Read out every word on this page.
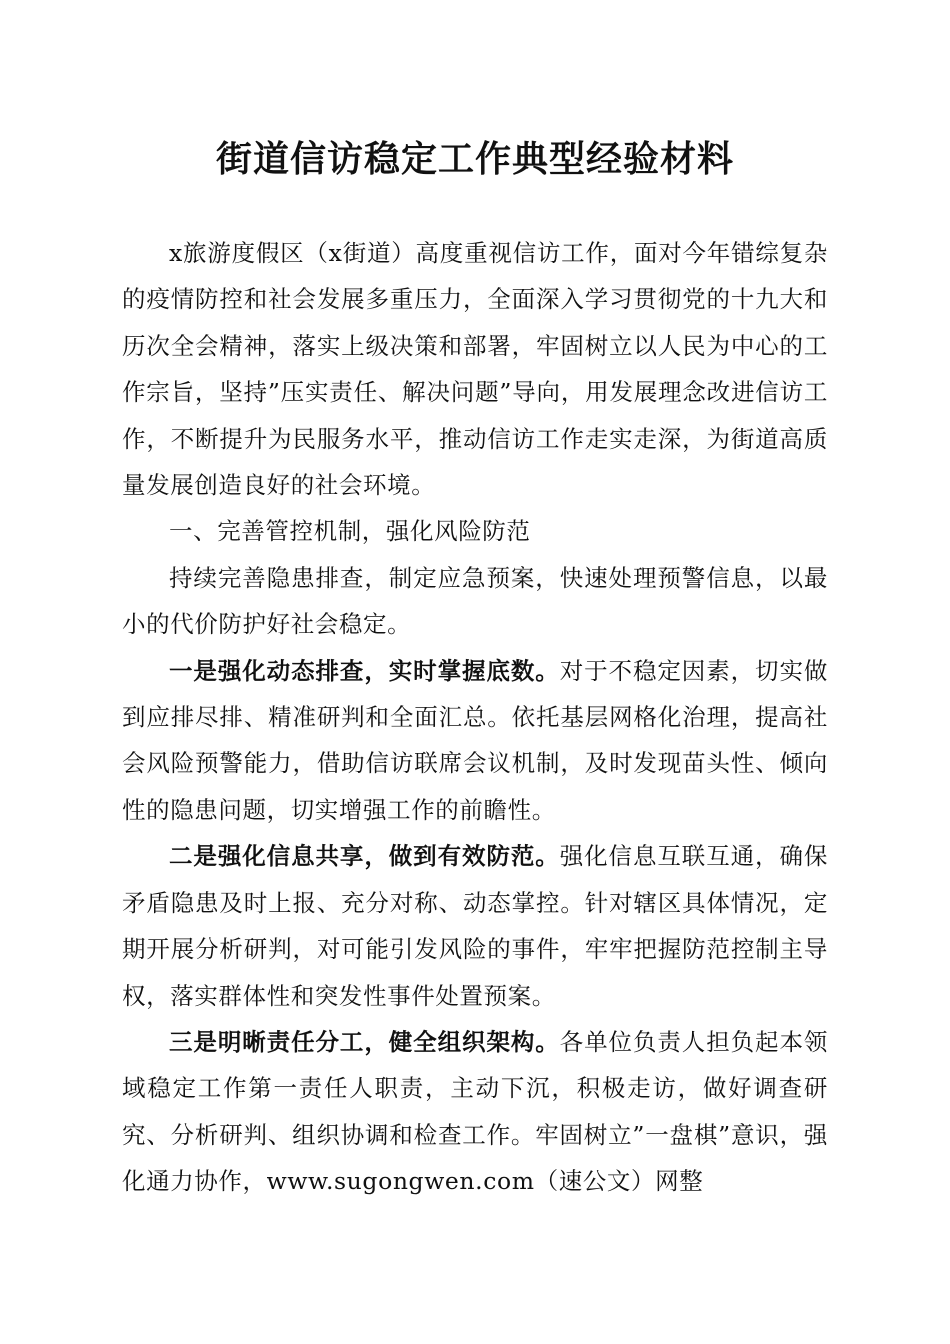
街道信访稳定工作典型经验材料

x旅游度假区（x街道）高度重视信访工作，面对今年错综复杂的疫情防控和社会发展多重压力，全面深入学习贯彻党的十九大和历次全会精神，落实上级决策和部署，牢固树立以人民为中心的工作宗旨，坚持”压实责任、解决问题”导向，用发展理念改进信访工作，不断提升为民服务水平，推动信访工作走实走深，为街道高质量发展创造良好的社会环境。

一、完善管控机制，强化风险防范

持续完善隐患排查，制定应急预案，快速处理预警信息，以最小的代价防护好社会稳定。

一是强化动态排查，实时掌握底数。对于不稳定因素，切实做到应排尽排、精准研判和全面汇总。依托基层网格化治理，提高社会风险预警能力，借助信访联席会议机制，及时发现苗头性、倾向性的隐患问题，切实增强工作的前瞻性。

二是强化信息共享，做到有效防范。强化信息互联互通，确保矛盾隐患及时上报、充分对称、动态掌控。针对辖区具体情况，定期开展分析研判，对可能引发风险的事件，牢牢把握防范控制主导权，落实群体性和突发性事件处置预案。

三是明晰责任分工，健全组织架构。各单位负责人担负起本领域稳定工作第一责任人职责，主动下沉，积极走访，做好调查研究、分析研判、组织协调和检查工作。牢固树立”一盘棋”意识，强化通力协作，www.sugongwen.com（速公文）网整
